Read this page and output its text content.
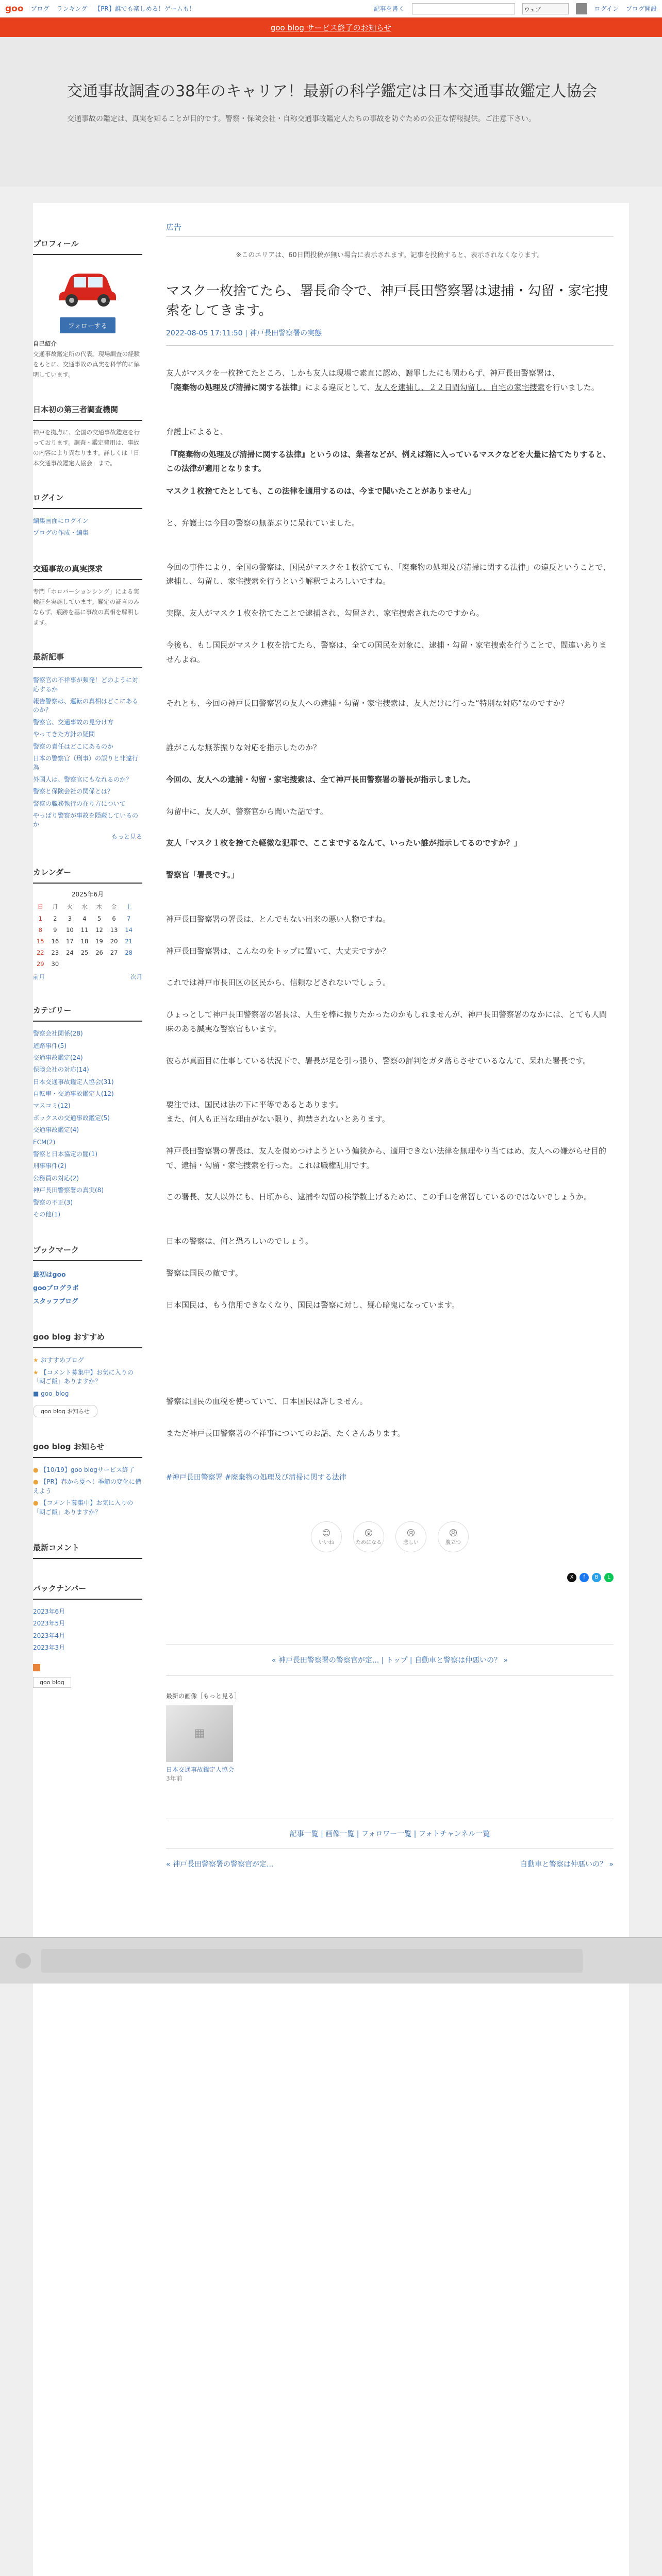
goo ブログ ランキング 【PR】誰でも楽しめる！ゲームも！	記事を書く	ウェブ	ログイン ブログ開設
goo blog サービス終了のお知らせ
交通事故調査の38年のキャリア！最新の科学鑑定は日本交通事故鑑定人協会

交通事故の鑑定は、真実を知ることが目的です。警察・保険会社・自称交通事故鑑定人たちの事故を防ぐための公正な情報提供。ご注意下さい。

プロフィール
フォローする
自己紹介
交通事故鑑定所の代表。現場調査の経験をもとに、交通事故の真実を科学的に解明しています。
日本初の第三者調査機関
神戸を拠点に、全国の交通事故鑑定を行っております。調査・鑑定費用は、事故の内容により異なります。詳しくは「日本交通事故鑑定人協会」まで。
ログイン
編集画面にログイン
ブログの作成・編集
交通事故の真実探求
专門「ホロバーションシング」による実検証を実施しています。鑑定の証言のみならず、痕跡を基に事故の真相を解明します。
最新記事
警察官の不祥事が頻発！どのように対応するか
報告警察は、運転の真相はどこにあるのか？
警察官、交通事故の見分け方
やってきた方針の疑問
警察の責任はどこにあるのか
日本の警察官（刑事）の誤りと非違行為
外国人は、警察官にもなれるのか？
警察と保険会社の関係とは？
警察の職務執行の在り方について
やっぱり警察が事故を隠蔽しているのか
もっと見る
カレンダー
2025年6月
日	月	火	水	木	金	土
1	2	3	4	5	6	7
8	9	10	11	12	13	14
15	16	17	18	19	20	21
22	23	24	25	26	27	28
29	30					
前月	次月
カテゴリー
警察会社関係(28)
道路事件(5)
交通事故鑑定(24)
保険会社の対応(14)
日本交通事故鑑定人協会(31)
自転車・交通事故鑑定人(12)
マスコミ(12)
ボックスの交通事故鑑定(5)
交通事故鑑定(4)
ECM(2)
警察と日本協定の闇(1)
刑事事件(2)
公務員の対応(2)
神戸長田警察署の真実(8)
警察の不正(3)
その他(1)
ブックマーク
最初はgoo
gooブログラボ
スタッフブログ
goo blog おすすめ
★ おすすめブログ
★ 【コメント募集中】お気に入りの「朝ご飯」ありますか？
■ goo_blog
goo blog お知らせ
goo blog お知らせ
● 【10/19】goo blogサービス終了
● 【PR】春から夏へ！季節の変化に備えよう
● 【コメント募集中】お気に入りの「朝ご飯」ありますか？
最新コメント
バックナンバー
2023年6月
2023年5月
2023年4月
2023年3月
goo blog
広告
※このエリアは、60日間投稿が無い場合に表示されます。記事を投稿すると、表示されなくなります。
マスク一枚捨てたら、署長命令で、神戸長田警察署は逮捕・勾留・家宅捜索をしてきます。
2022-08-05 17:11:50 | 神戸長田警察署の実態

友人がマスクを一枚捨てたところ、しかも友人は現場で素直に認め、謝罪したにも関わらず、神戸長田警察署は、

「廃棄物の処理及び清掃に関する法律」による違反として、友人を逮捕し、２２日間勾留し、自宅の家宅捜索を行いました。

弁護士によると、

「『廃棄物の処理及び清掃に関する法律』というのは、業者などが、例えば箱に入っているマスクなどを大量に捨てたりすると、この法律が適用となります。

マスク１枚捨てたとしても、この法律を適用するのは、今まで聞いたことがありません」

と、弁護士は今回の警察の無茶ぶりに呆れていました。

今回の事件により、全国の警察は、国民がマスクを１枚捨てても、「廃棄物の処理及び清掃に関する法律」の違反ということで、逮捕し、勾留し、家宅捜索を行うという解釈でよろしいですね。

実際、友人がマスク１枚を捨てたことで逮捕され、勾留され、家宅捜索されたのですから。

今後も、もし国民がマスク１枚を捨てたら、警察は、全ての国民を対象に、逮捕・勾留・家宅捜索を行うことで、間違いありませんよね。

それとも、今回の神戸長田警察署の友人への逮捕・勾留・家宅捜索は、友人だけに行った“特別な対応”なのですか？

誰がこんな無茶振りな対応を指示したのか？

今回の、友人への逮捕・勾留・家宅捜索は、全て神戸長田警察署の署長が指示しました。

勾留中に、友人が、警察官から聞いた話です。

友人「マスク１枚を捨てた軽微な犯罪で、ここまでするなんて、いったい誰が指示してるのですか？」

警察官「署長です。」

神戸長田警察署の署長は、とんでもない出来の悪い人物ですね。

神戸長田警察署は、こんなのをトップに置いて、大丈夫ですか？

これでは神戸市長田区の区民から、信頼などされないでしょう。

ひょっとして神戸長田警察署の署長は、人生を棒に振りたかったのかもしれませんが、神戸長田警察署のなかには、とても人間味のある誠実な警察官もいます。

彼らが真面目に仕事している状況下で、署長が足を引っ張り、警察の評判をガタ落ちさせているなんて、呆れた署長です。

要注では、国民は法の下に平等であるとあります。

また、何人も正当な理由がない限り、拘禁されないとあります。

神戸長田警察署の署長は、友人を傷めつけようという偏狭から、適用できない法律を無理やり当てはめ、友人への嫌がらせ目的で、逮捕・勾留・家宅捜索を行った。これは職権乱用です。

この署長、友人以外にも、日頃から、逮捕や勾留の検挙数上げるために、この手口を常習しているのではないでしょうか。

日本の警察は、何と恐ろしいのでしょう。

警察は国民の敵です。

日本国民は、もう信用できなくなり、国民は警察に対し、疑心暗鬼になっています。

警察は国民の血税を使っていて、日本国民は許しません。

まただ神戸長田警察署の不祥事についてのお話、たくさんあります。

#神戸長田警察署 #廃棄物の処理及び清掃に関する法律
😊
いいね
😲
ためになる
😢
悲しい
😠
腹立つ
X	f	B	L
« 神戸長田警察署の警察官が定... | トップ | 自動車と警察は仲悪いの？ »
最新の画像［もっと見る］
▦
日本交通事故鑑定人協会
3年前
記事一覧 | 画像一覧 | フォロワー一覧 | フォトチャンネル一覧
« 神戸長田警察署の警察官が定...	自動車と警察は仲悪いの？ »
